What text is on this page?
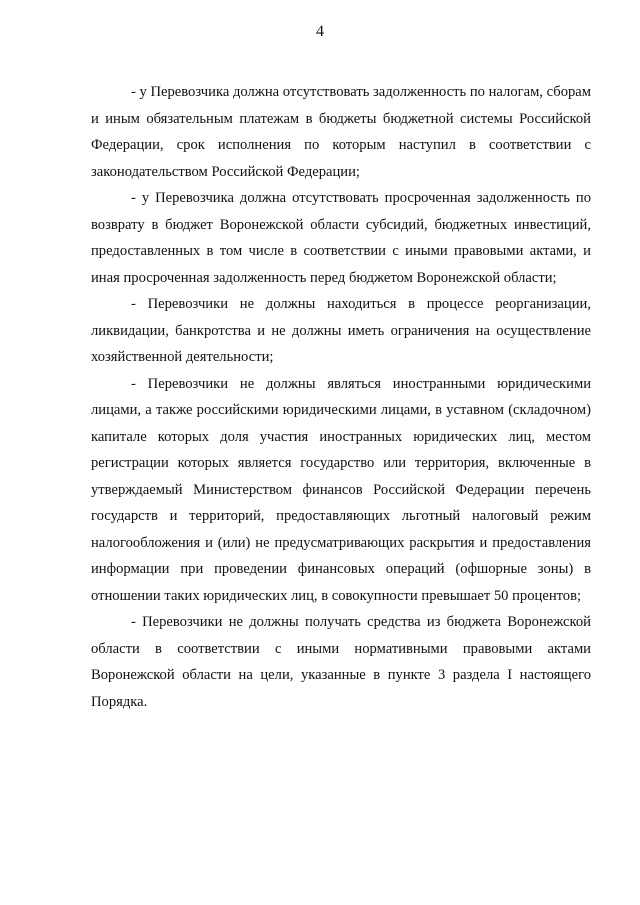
4

- у Перевозчика должна отсутствовать задолженность по налогам, сборам и иным обязательным платежам в бюджеты бюджетной системы Российской Федерации, срок исполнения по которым наступил в соответствии с законодательством Российской Федерации;

- у Перевозчика должна отсутствовать просроченная задолженность по возврату в бюджет Воронежской области субсидий, бюджетных инвестиций, предоставленных в том числе в соответствии с иными правовыми актами, и иная просроченная задолженность перед бюджетом Воронежской области;

- Перевозчики не должны находиться в процессе реорганизации, ликвидации, банкротства и не должны иметь ограничения на осуществление хозяйственной деятельности;

- Перевозчики не должны являться иностранными юридическими лицами, а также российскими юридическими лицами, в уставном (складочном) капитале которых доля участия иностранных юридических лиц, местом регистрации которых является государство или территория, включенные в утверждаемый Министерством финансов Российской Федерации перечень государств и территорий, предоставляющих льготный налоговый режим налогообложения и (или) не предусматривающих раскрытия и предоставления информации при проведении финансовых операций (офшорные зоны) в отношении таких юридических лиц, в совокупности превышает 50 процентов;

- Перевозчики не должны получать средства из бюджета Воронежской области в соответствии с иными нормативными правовыми актами Воронежской области на цели, указанные в пункте 3 раздела I настоящего Порядка.
